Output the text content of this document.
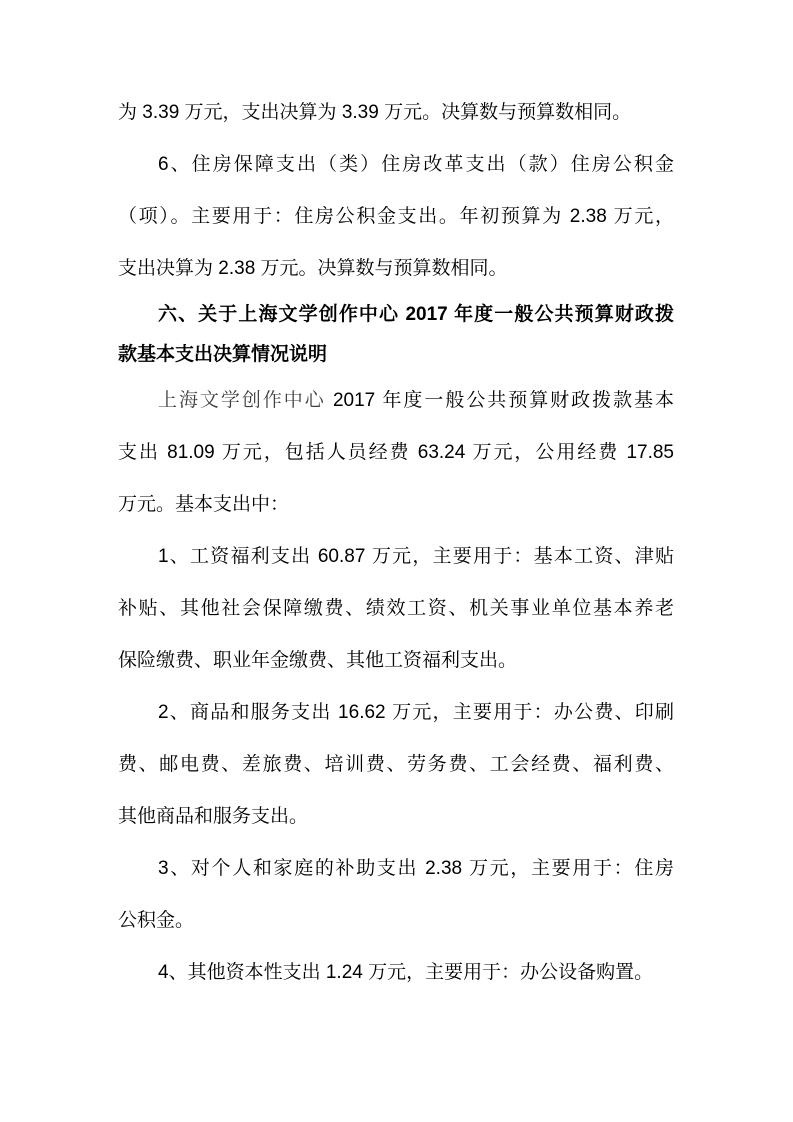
为 3.39 万元，支出决算为 3.39 万元。决算数与预算数相同。
6、住房保障支出（类）住房改革支出（款）住房公积金
（项）。主要用于：住房公积金支出。年初预算为 2.38 万元，
支出决算为 2.38 万元。决算数与预算数相同。
六、关于上海文学创作中心 2017 年度一般公共预算财政拨
款基本支出决算情况说明
上海文学创作中心 2017 年度一般公共预算财政拨款基本
支出 81.09 万元，包括人员经费 63.24 万元，公用经费 17.85
万元。基本支出中：
1、工资福利支出 60.87 万元，主要用于：基本工资、津贴
补贴、其他社会保障缴费、绩效工资、机关事业单位基本养老
保险缴费、职业年金缴费、其他工资福利支出。
2、商品和服务支出 16.62 万元，主要用于：办公费、印刷
费、邮电费、差旅费、培训费、劳务费、工会经费、福利费、
其他商品和服务支出。
3、对个人和家庭的补助支出 2.38 万元，主要用于：住房
公积金。
4、其他资本性支出 1.24 万元，主要用于：办公设备购置。
